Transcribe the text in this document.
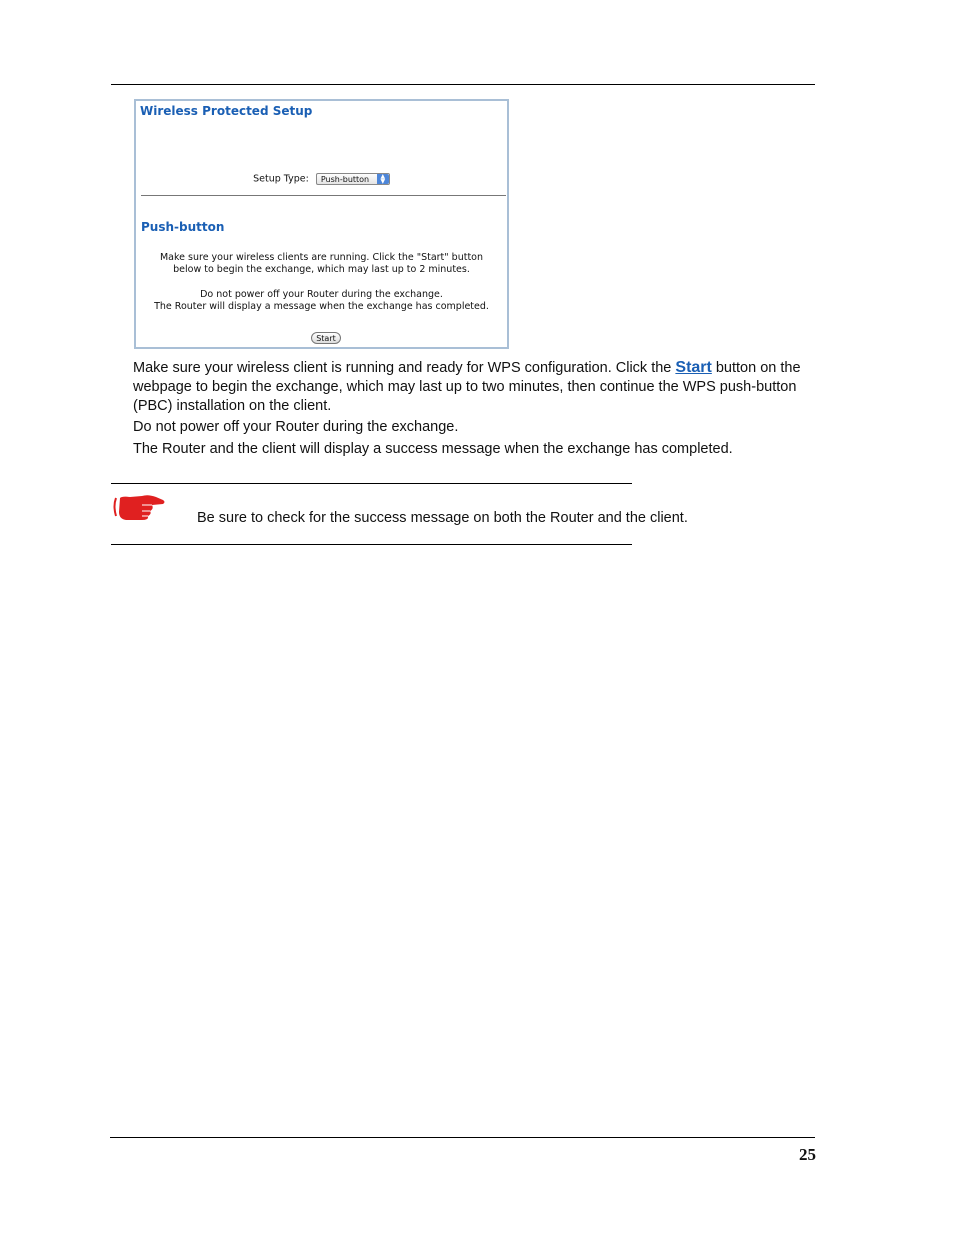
Wireless Protected Setup
Setup Type: Push-button	▲
▼
Push-button
Make sure your wireless clients are running. Click the "Start" button
below to begin the exchange, which may last up to 2 minutes.
Do not power off your Router during the exchange.
The Router will display a message when the exchange has completed.
Start
Make sure your wireless client is running and ready for WPS configuration. Click the Start button on the webpage to begin the exchange, which may last up to two minutes, then continue the WPS push-button (PBC) installation on the client.
Do not power off your Router during the exchange.
The Router and the client will display a success message when the exchange has completed.
Be sure to check for the success message on both the Router and the client.
25
